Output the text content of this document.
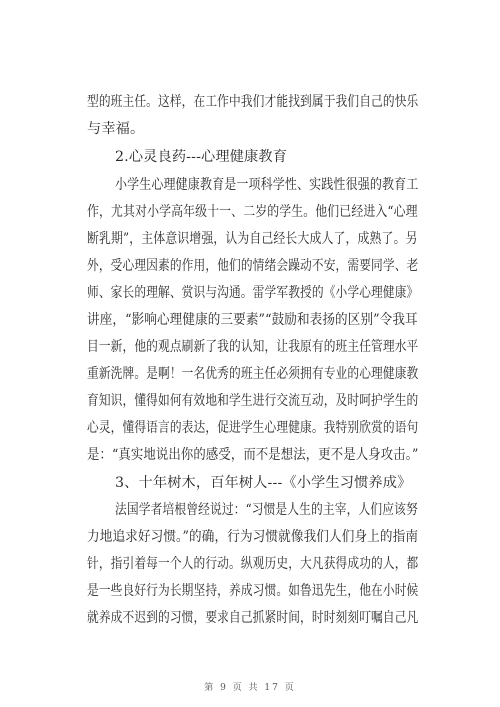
型的班主任。这样，在工作中我们才能找到属于我们自己的快乐
与幸福。
2.心灵良药---心理健康教育
小学生心理健康教育是一项科学性、实践性很强的教育工
作，尤其对小学高年级十一、二岁的学生。他们已经进入“心理
断乳期”，主体意识增强，认为自己经长大成人了，成熟了。另
外，受心理因素的作用，他们的情绪会躁动不安，需要同学、老
师、家长的理解、赏识与沟通。雷学军教授的《小学心理健康》
讲座，“影响心理健康的三要素”“鼓励和表扬的区别”令我耳
目一新，他的观点刷新了我的认知，让我原有的班主任管理水平
重新洗牌。是啊！一名优秀的班主任必须拥有专业的心理健康教
育知识，懂得如何有效地和学生进行交流互动，及时呵护学生的
心灵，懂得语言的表达，促进学生心理健康。我特别欣赏的语句
是：“真实地说出你的感受，而不是想法，更不是人身攻击。”
3、十年树木，百年树人---《小学生习惯养成》
法国学者培根曾经说过：“习惯是人生的主宰，人们应该努
力地追求好习惯。”的确，行为习惯就像我们人们身上的指南
针，指引着每一个人的行动。纵观历史，大凡获得成功的人，都
是一些良好行为长期坚持，养成习惯。如鲁迅先生，他在小时候
就养成不迟到的习惯，要求自己抓紧时间，时时刻刻叮嘱自己凡
第 9 页 共 17 页
